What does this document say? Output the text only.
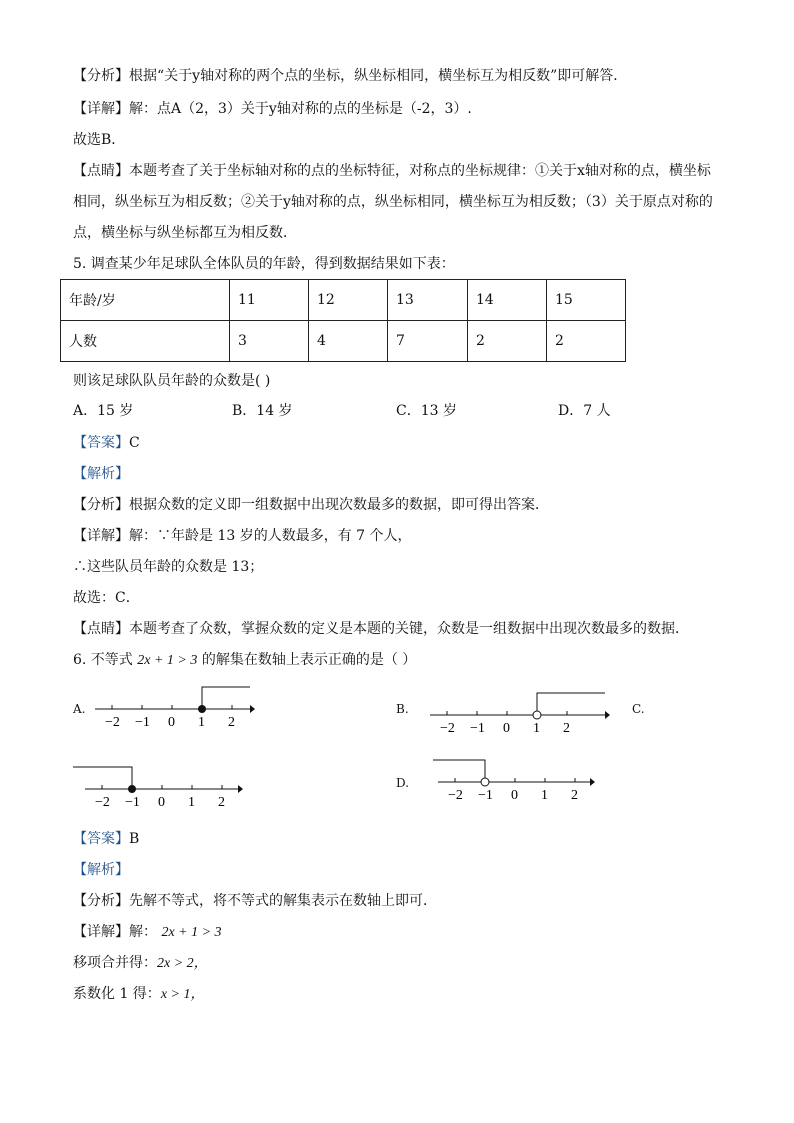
【分析】根据“关于y轴对称的两个点的坐标，纵坐标相同，横坐标互为相反数”即可解答．
【详解】解：点A（2，3）关于y轴对称的点的坐标是（-2，3）.
故选B．
【点睛】本题考查了关于坐标轴对称的点的坐标特征，对称点的坐标规律：①关于x轴对称的点，横坐标
相同，纵坐标互为相反数；②关于y轴对称的点，纵坐标相同，横坐标互为相反数；（3）关于原点对称的
点，横坐标与纵坐标都互为相反数．
5. 调查某少年足球队全体队员的年龄，得到数据结果如下表：
年龄/岁	11	12	13	14	15
人数	3	4	7	2	2
则该足球队队员年龄的众数是( )
A．15 岁	B．14 岁	C．13 岁	D．7 人
【答案】C
【解析】
【分析】根据众数的定义即一组数据中出现次数最多的数据，即可得出答案．
【详解】解：∵年龄是 13 岁的人数最多，有 7 个人，
∴这些队员年龄的众数是 13；
故选：C．
【点睛】本题考查了众数，掌握众数的定义是本题的关键，众数是一组数据中出现次数最多的数据．
6. 不等式 2x + 1 > 3 的解集在数轴上表示正确的是（ ）
A.	B.	C.
D.
−2 −1 0 1 2	−2 −1 0 1 2
−2 −1 0 1 2	−2 −1 0 1 2
【答案】B
【解析】
【分析】先解不等式，将不等式的解集表示在数轴上即可．
【详解】解： 2x + 1 > 3
移项合并得：2x > 2，
系数化 1 得：x > 1，
